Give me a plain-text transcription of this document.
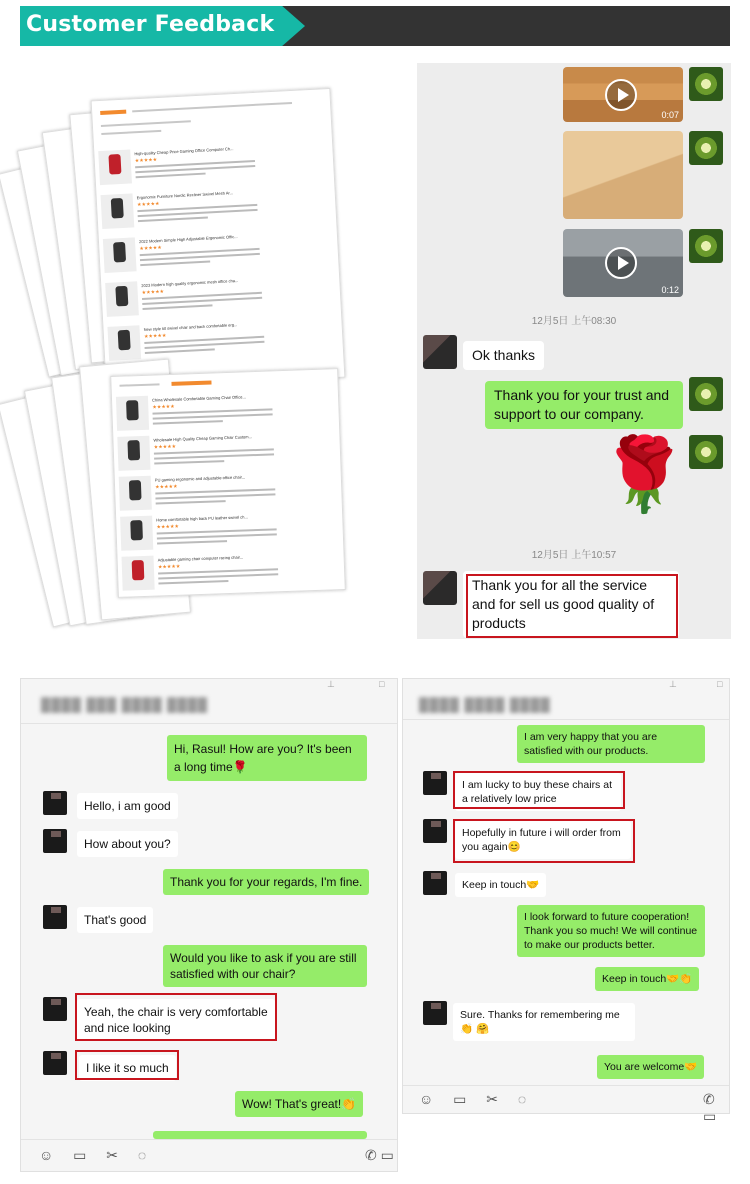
Customer Feedback
High-quality Cheap Price Gaming Office Computer Ch...
★★★★★
Ergonomic Furniture Nordic Recliner Swivel Mesh Ar...
★★★★★
2022 Modern Simple High Adjustable Ergonomic Offic...
★★★★★
2023 Modern high quality ergonomic mesh office cha...
★★★★★
New style tilt swivel chair and back comfortable erg...
★★★★★
China Wholesale Comfortable Gaming Chair Office...
★★★★★
Wholesale High Quality Cheap Gaming Chair Custom...
★★★★★
PU gaming ergonomic and adjustable office chair...
★★★★★
Home comfortable high back PU leather swivel ch...
★★★★★
Adjustable gaming chair computer racing chair...
★★★★★
0:07
0:12
12月5日 上午08:30
Ok thanks
Thank you for your trust and support to our company.
🌹
12月5日 上午10:57
Thank you for all the service and for sell us good quality of products
████ ███ ████ ████
⊥	□
Hi, Rasul! How are you? It's been a long time🌹
Hello, i am good
How about you?
Thank you for your regards, I'm fine.
That's good
Would you like to ask if you are still satisfied with our chair?
Yeah, the chair is very comfortable and nice looking
I like it so much
Wow! That's great!👏
☺ ▭ ✂ ◌	✆ ▭
████ ████ ████
⊥	□
I am very happy that you are satisfied with our products.
I am lucky to buy these chairs at a relatively low price
Hopefully in future i will order from you again😊
Keep in touch🤝
I look forward to future cooperation! Thank you so much! We will continue to make our products better.
Keep in touch🤝👏
Sure. Thanks for remembering me👏 🤗
You are welcome🤝
☺ ▭ ✂ ◌	✆ ▭
